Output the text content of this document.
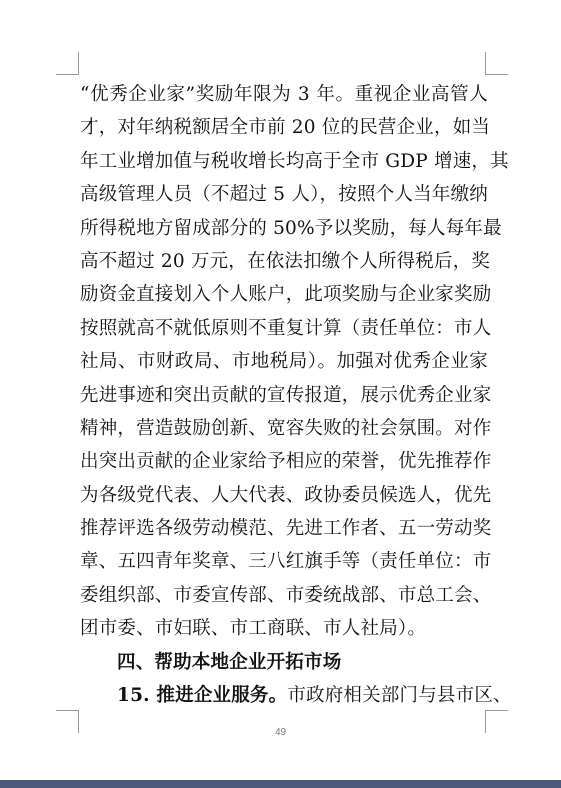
“优秀企业家”奖励年限为 3 年。重视企业高管人
才，对年纳税额居全市前 20 位的民营企业，如当
年工业增加值与税收增长均高于全市 GDP 增速，其
高级管理人员（不超过 5 人），按照个人当年缴纳
所得税地方留成部分的 50%予以奖励，每人每年最
高不超过 20 万元，在依法扣缴个人所得税后，奖
励资金直接划入个人账户，此项奖励与企业家奖励
按照就高不就低原则不重复计算（责任单位：市人
社局、市财政局、市地税局）。加强对优秀企业家
先进事迹和突出贡献的宣传报道，展示优秀企业家
精神，营造鼓励创新、宽容失败的社会氛围。对作
出突出贡献的企业家给予相应的荣誉，优先推荐作
为各级党代表、人大代表、政协委员候选人，优先
推荐评选各级劳动模范、先进工作者、五一劳动奖
章、五四青年奖章、三八红旗手等（责任单位：市
委组织部、市委宣传部、市委统战部、市总工会、
团市委、市妇联、市工商联、市人社局）。
四、帮助本地企业开拓市场
15. 推进企业服务。市政府相关部门与县市区、
49
